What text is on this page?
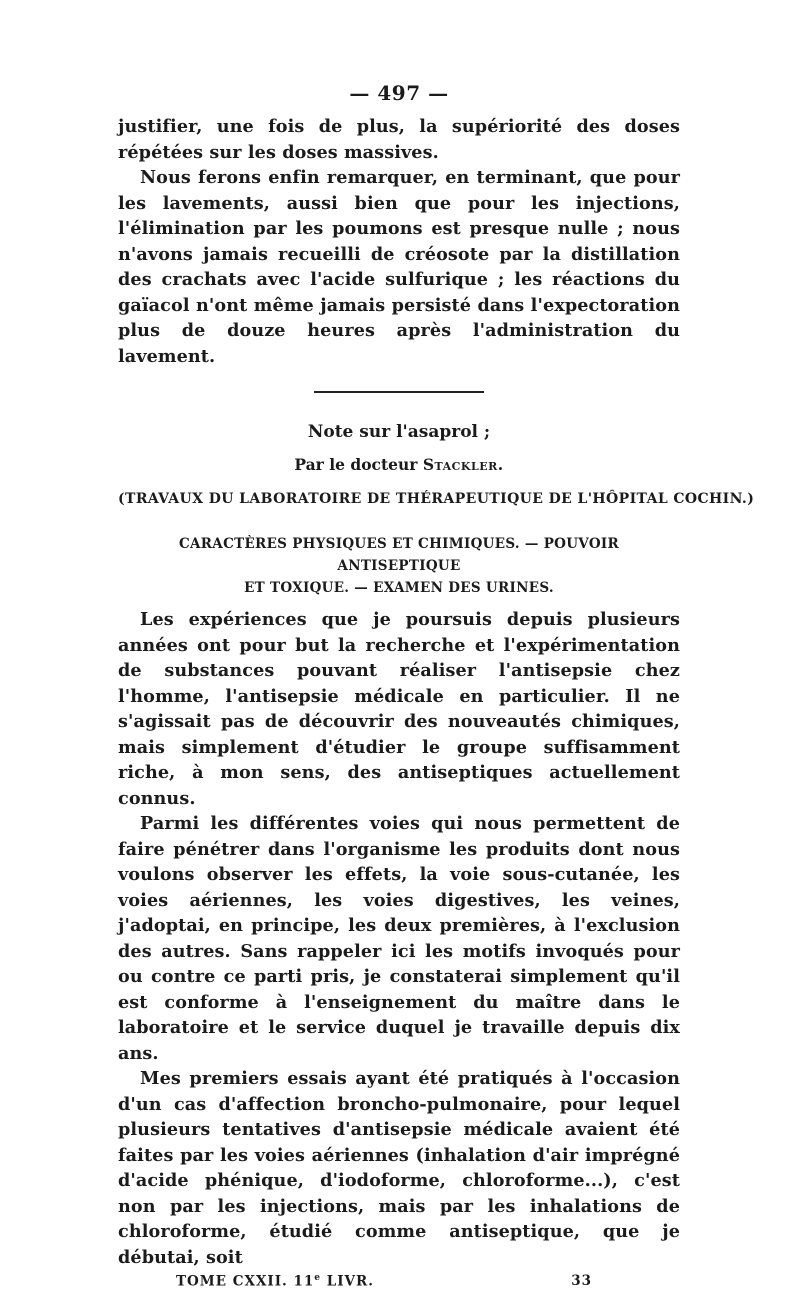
— 497 —

justifier, une fois de plus, la supériorité des doses répétées sur les doses massives.

Nous ferons enfin remarquer, en terminant, que pour les lavements, aussi bien que pour les injections, l'élimination par les poumons est presque nulle ; nous n'avons jamais recueilli de créosote par la distillation des crachats avec l'acide sulfurique ; les réactions du gaïacol n'ont même jamais persisté dans l'expectoration plus de douze heures après l'administration du lavement.

Note sur l'asaprol ;

Par le docteur Stackler.

(TRAVAUX DU LABORATOIRE DE THÉRAPEUTIQUE DE L'HÔPITAL COCHIN.)

CARACTÈRES PHYSIQUES ET CHIMIQUES. — POUVOIR ANTISEPTIQUE
ET TOXIQUE. — EXAMEN DES URINES.

Les expériences que je poursuis depuis plusieurs années ont pour but la recherche et l'expérimentation de substances pouvant réaliser l'antisepsie chez l'homme, l'antisepsie médicale en particulier. Il ne s'agissait pas de découvrir des nouveautés chimiques, mais simplement d'étudier le groupe suffisamment riche, à mon sens, des antiseptiques actuellement connus.

Parmi les différentes voies qui nous permettent de faire pénétrer dans l'organisme les produits dont nous voulons observer les effets, la voie sous-cutanée, les voies aériennes, les voies digestives, les veines, j'adoptai, en principe, les deux premières, à l'exclusion des autres. Sans rappeler ici les motifs invoqués pour ou contre ce parti pris, je constaterai simplement qu'il est conforme à l'enseignement du maître dans le laboratoire et le service duquel je travaille depuis dix ans.

Mes premiers essais ayant été pratiqués à l'occasion d'un cas d'affection broncho-pulmonaire, pour lequel plusieurs tentatives d'antisepsie médicale avaient été faites par les voies aériennes (inhalation d'air imprégné d'acide phénique, d'iodoforme, chloroforme...), c'est non par les injections, mais par les inhalations de chloroforme, étudié comme antiseptique, que je débutai, soit

TOME CXXII. 11e LIVR.	33
